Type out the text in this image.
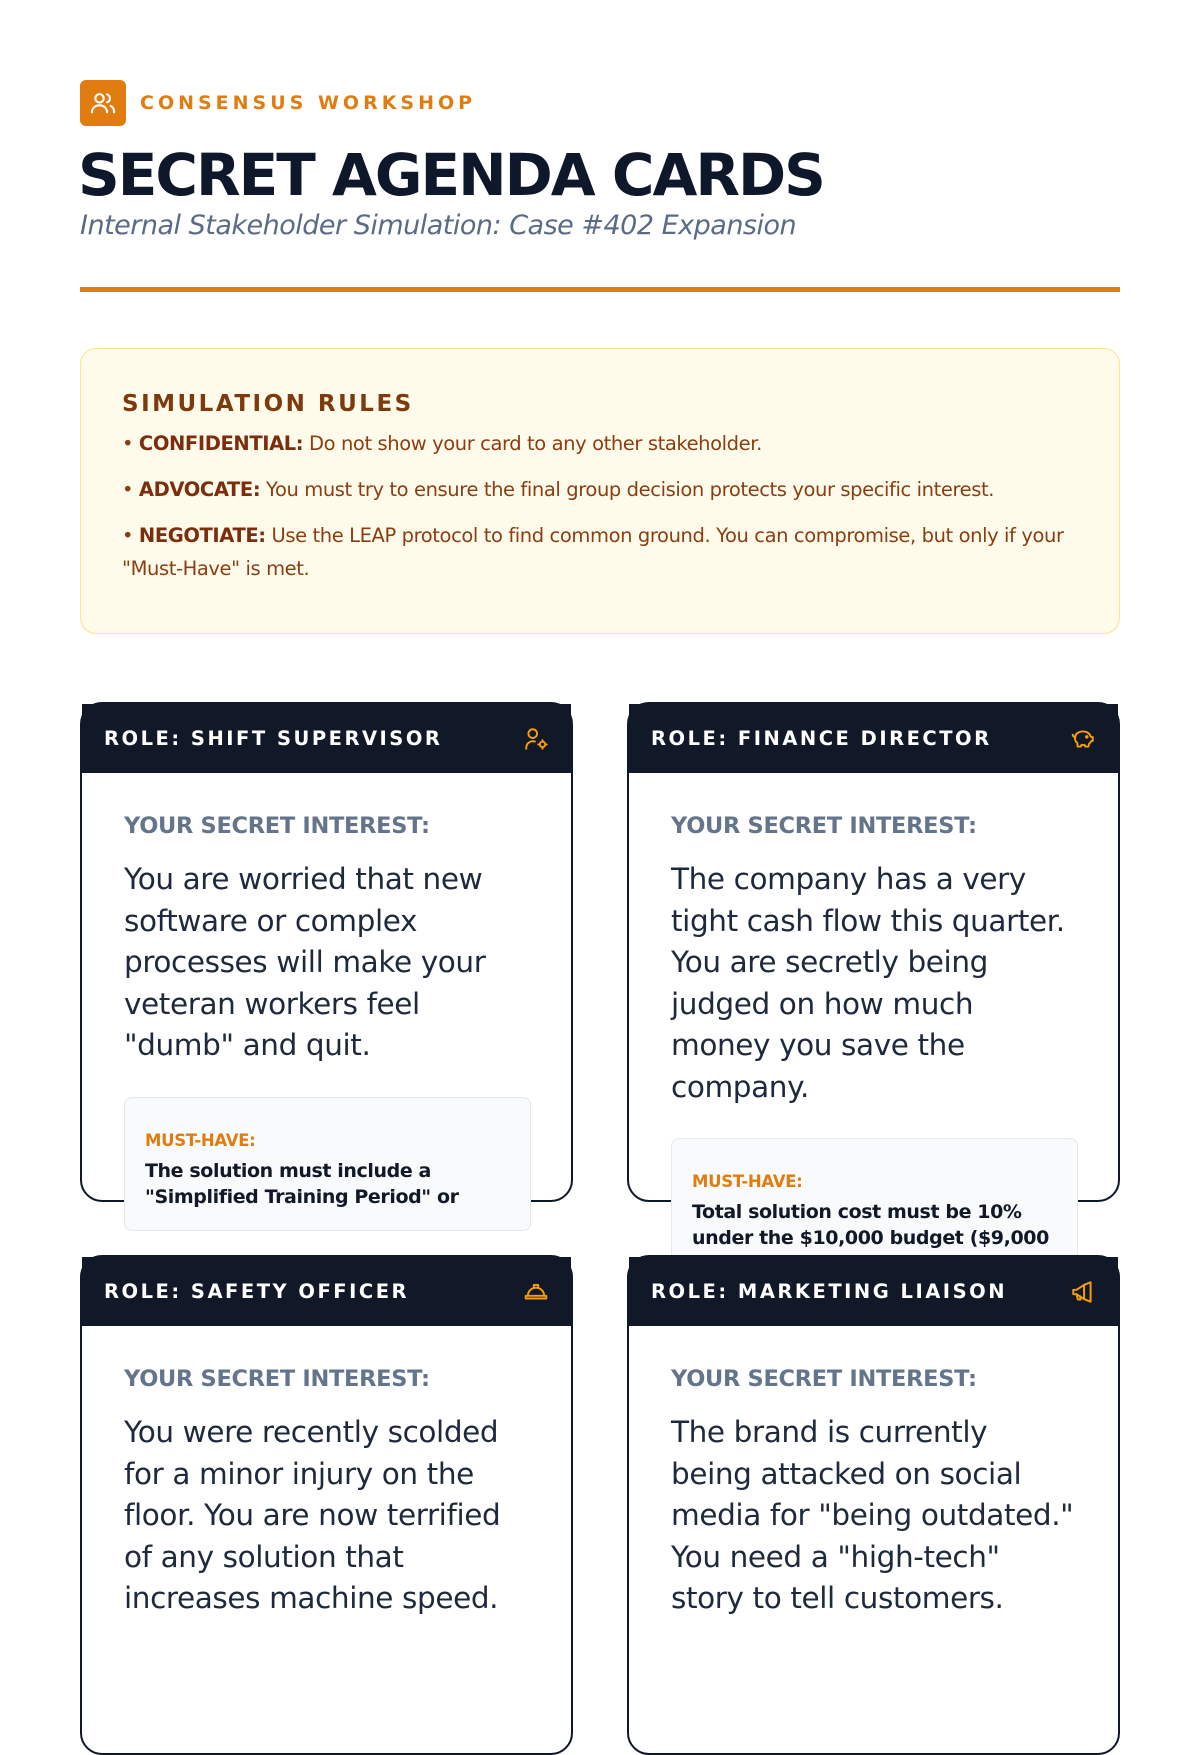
CONSENSUS WORKSHOP
SECRET AGENDA CARDS
Internal Stakeholder Simulation: Case #402 Expansion
SIMULATION RULES
• CONFIDENTIAL: Do not show your card to any other stakeholder.
• ADVOCATE: You must try to ensure the final group decision protects your specific interest.
• NEGOTIATE: Use the LEAP protocol to find common ground. You can compromise, but only if your "Must-Have" is met.
ROLE: SHIFT SUPERVISOR
YOUR SECRET INTEREST:
You are worried that new software or complex processes will make your veteran workers feel "dumb" and quit.
MUST-HAVE:
The solution must include a "Simplified Training Period" or
ROLE: FINANCE DIRECTOR
YOUR SECRET INTEREST:
The company has a very tight cash flow this quarter. You are secretly being judged on how much money you save the company.
MUST-HAVE:
Total solution cost must be 10% under the $10,000 budget ($9,000
ROLE: SAFETY OFFICER
YOUR SECRET INTEREST:
You were recently scolded for a minor injury on the floor. You are now terrified of any solution that increases machine speed.
ROLE: MARKETING LIAISON
YOUR SECRET INTEREST:
The brand is currently being attacked on social media for "being outdated." You need a "high-tech" story to tell customers.
